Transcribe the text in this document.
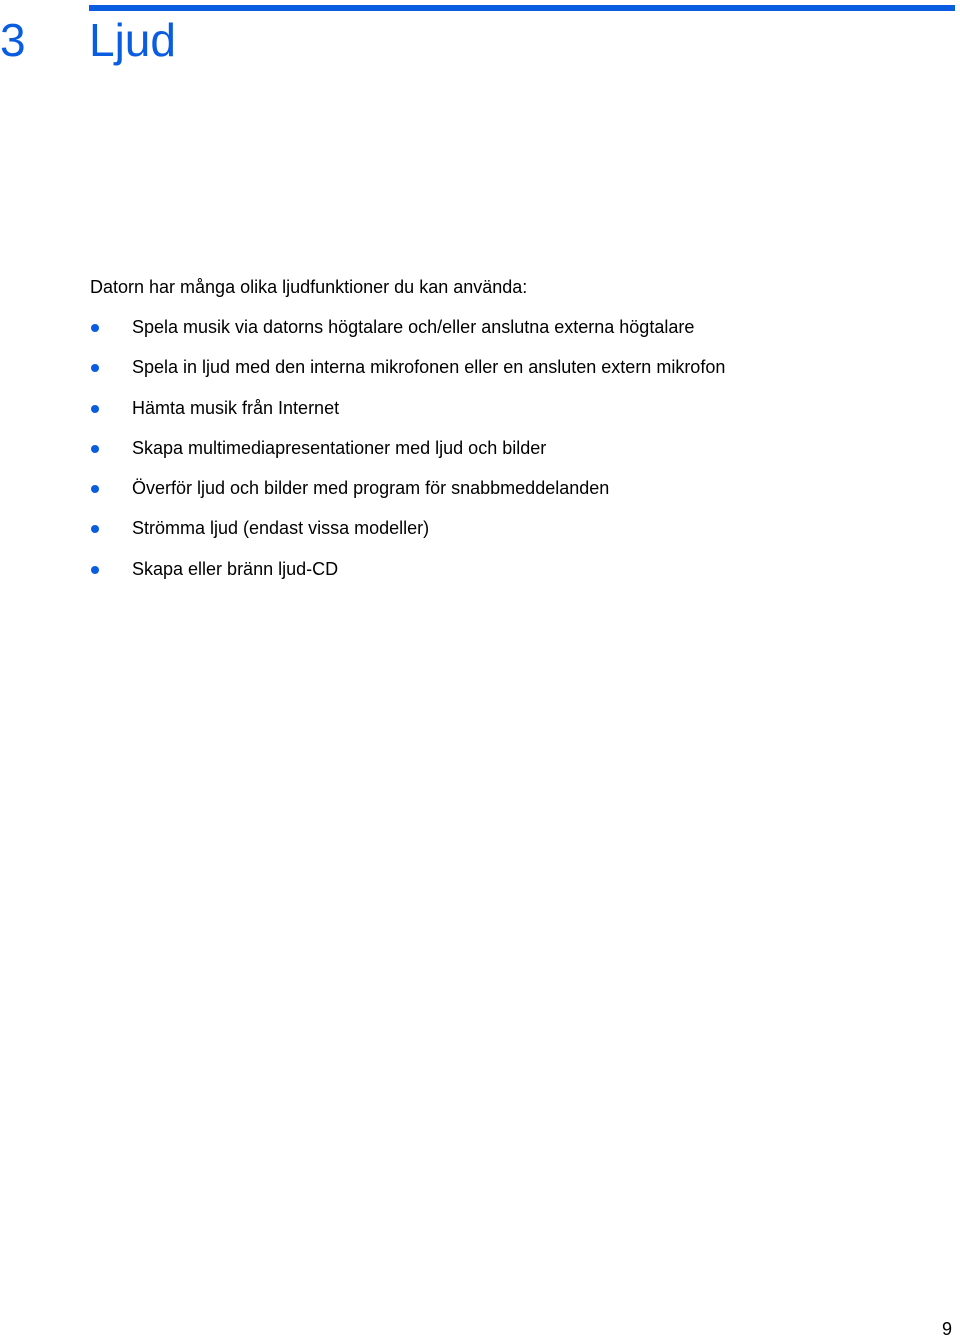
3 Ljud

Datorn har många olika ljudfunktioner du kan använda:

Spela musik via datorns högtalare och/eller anslutna externa högtalare
Spela in ljud med den interna mikrofonen eller en ansluten extern mikrofon
Hämta musik från Internet
Skapa multimediapresentationer med ljud och bilder
Överför ljud och bilder med program för snabbmeddelanden
Strömma ljud (endast vissa modeller)
Skapa eller bränn ljud-CD
9
